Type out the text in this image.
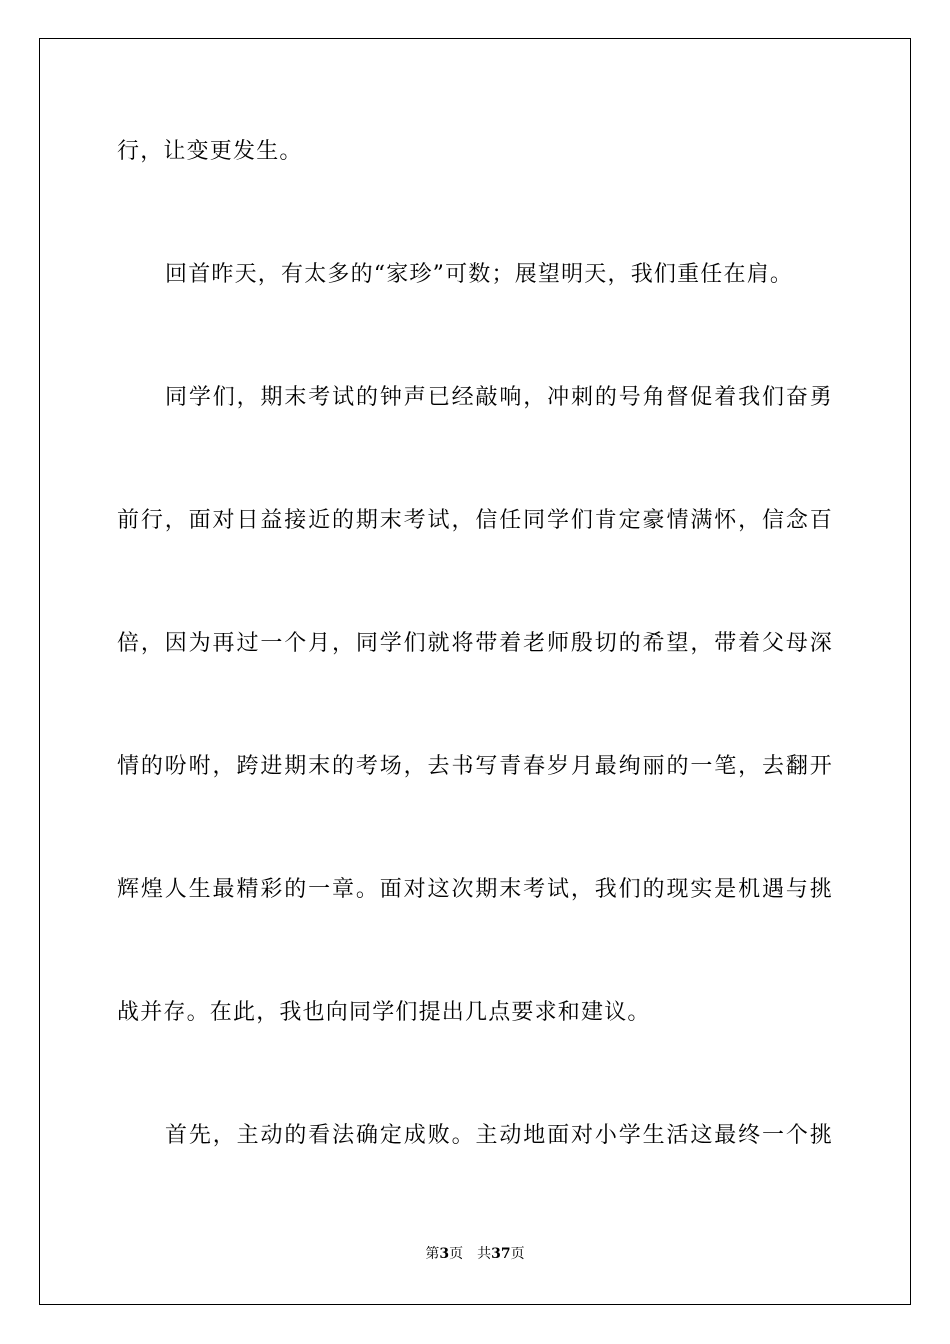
行，让变更发生。
回首昨天，有太多的“家珍”可数；展望明天，我们重任在肩。
同学们，期末考试的钟声已经敲响，冲刺的号角督促着我们奋勇
前行，面对日益接近的期末考试，信任同学们肯定豪情满怀，信念百
倍，因为再过一个月，同学们就将带着老师殷切的希望，带着父母深
情的吩咐，跨进期末的考场，去书写青春岁月最绚丽的一笔，去翻开
辉煌人生最精彩的一章。面对这次期末考试，我们的现实是机遇与挑
战并存。在此，我也向同学们提出几点要求和建议。
首先，主动的看法确定成败。主动地面对小学生活这最终一个挑
第3页 共37页
